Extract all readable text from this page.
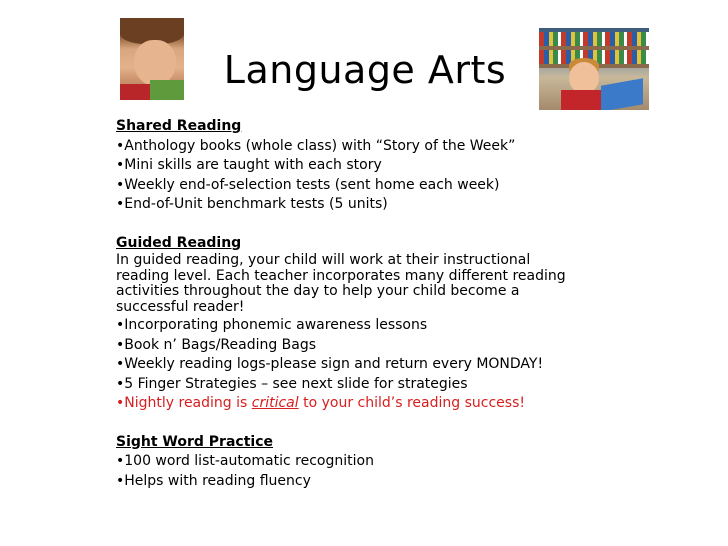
Language Arts

Shared Reading

•Anthology books (whole class) with “Story of the Week”

•Mini skills are taught with each story

•Weekly end-of-selection tests (sent home each week)

•End-of-Unit benchmark tests (5 units)

Guided Reading

In guided reading, your child will work at their instructional
reading level. Each teacher incorporates many different reading
activities throughout the day to help your child become a
successful reader!

•Incorporating phonemic awareness lessons

•Book n’ Bags/Reading Bags

•Weekly reading logs-please sign and return every MONDAY!

•5 Finger Strategies – see next slide for strategies

•Nightly reading is critical to your child’s reading success!

Sight Word Practice

•100 word list-automatic recognition

•Helps with reading fluency
